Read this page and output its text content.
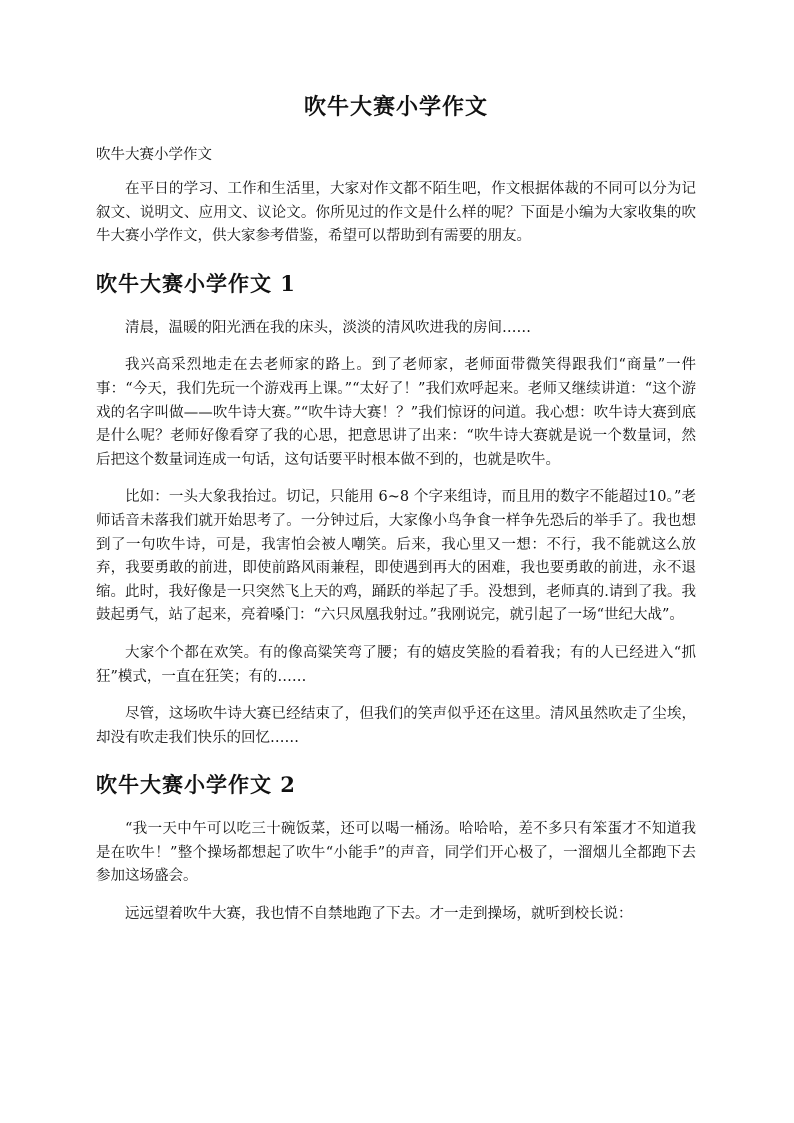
吹牛大赛小学作文
吹牛大赛小学作文

在平日的学习、工作和生活里，大家对作文都不陌生吧，作文根据体裁的不同可以分为记叙文、说明文、应用文、议论文。你所见过的作文是什么样的呢？下面是小编为大家收集的吹牛大赛小学作文，供大家参考借鉴，希望可以帮助到有需要的朋友。

吹牛大赛小学作文 1

清晨，温暖的阳光洒在我的床头，淡淡的清风吹进我的房间……

我兴高采烈地走在去老师家的路上。到了老师家，老师面带微笑得跟我们“商量”一件事：“今天，我们先玩一个游戏再上课。”“太好了！”我们欢呼起来。老师又继续讲道：“这个游戏的名字叫做——吹牛诗大赛。”“吹牛诗大赛！？”我们惊讶的问道。我心想：吹牛诗大赛到底是什么呢？老师好像看穿了我的心思，把意思讲了出来：“吹牛诗大赛就是说一个数量词，然后把这个数量词连成一句话，这句话要平时根本做不到的，也就是吹牛。

比如：一头大象我抬过。切记，只能用 6~8 个字来组诗，而且用的数字不能超过10。”老师话音未落我们就开始思考了。一分钟过后，大家像小鸟争食一样争先恐后的举手了。我也想到了一句吹牛诗，可是，我害怕会被人嘲笑。后来，我心里又一想：不行，我不能就这么放弃，我要勇敢的前进，即使前路风雨兼程，即使遇到再大的困难，我也要勇敢的前进，永不退缩。此时，我好像是一只突然飞上天的鸡，踊跃的举起了手。没想到，老师真的.请到了我。我鼓起勇气，站了起来，亮着嗓门：“六只凤凰我射过。”我刚说完，就引起了一场“世纪大战”。

大家个个都在欢笑。有的像高粱笑弯了腰；有的嬉皮笑脸的看着我；有的人已经进入“抓狂”模式，一直在狂笑；有的……

尽管，这场吹牛诗大赛已经结束了，但我们的笑声似乎还在这里。清风虽然吹走了尘埃，却没有吹走我们快乐的回忆……

吹牛大赛小学作文 2

“我一天中午可以吃三十碗饭菜，还可以喝一桶汤。哈哈哈，差不多只有笨蛋才不知道我是在吹牛！”整个操场都想起了吹牛“小能手”的声音，同学们开心极了，一溜烟儿全都跑下去参加这场盛会。

远远望着吹牛大赛，我也情不自禁地跑了下去。才一走到操场，就听到校长说：
